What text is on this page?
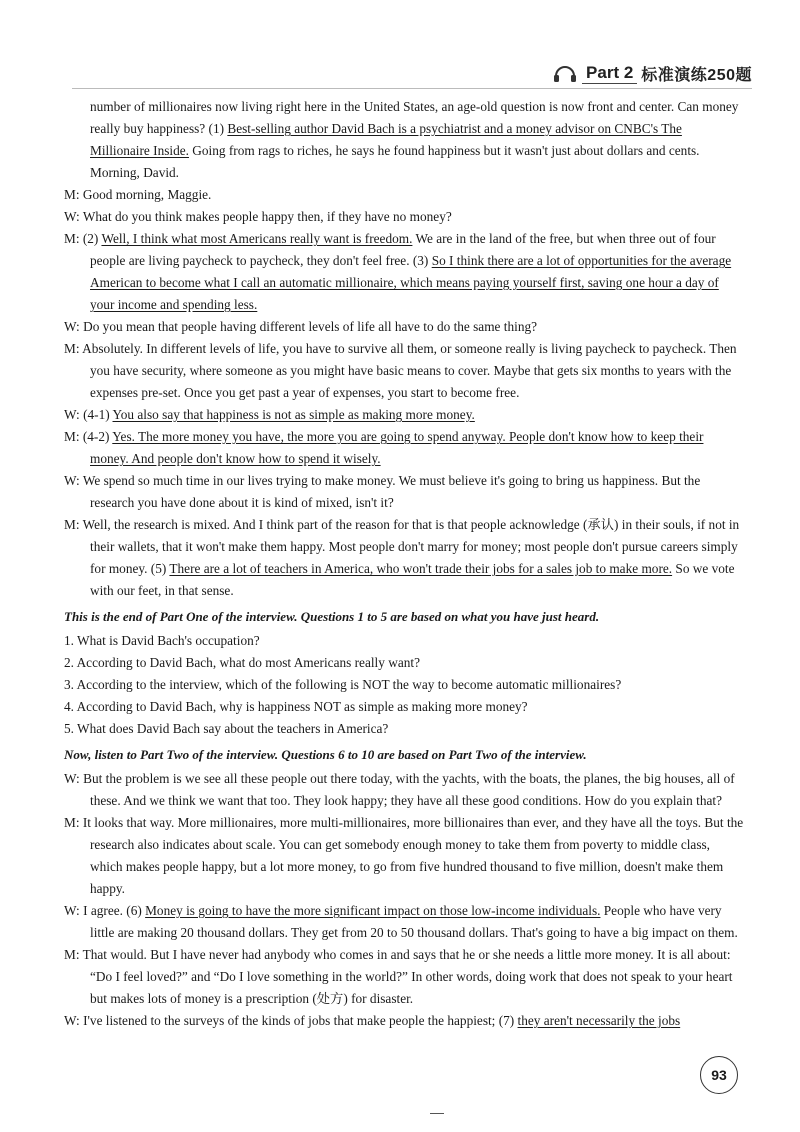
Part 2 标准演练250题
number of millionaires now living right here in the United States, an age-old question is now front and center. Can money really buy happiness? (1) Best-selling author David Bach is a psychiatrist and a money advisor on CNBC's The Millionaire Inside. Going from rags to riches, he says he found happiness but it wasn't just about dollars and cents. Morning, David.
M: Good morning, Maggie.
W: What do you think makes people happy then, if they have no money?
M: (2) Well, I think what most Americans really want is freedom. We are in the land of the free, but when three out of four people are living paycheck to paycheck, they don't feel free. (3) So I think there are a lot of opportunities for the average American to become what I call an automatic millionaire, which means paying yourself first, saving one hour a day of your income and spending less.
W: Do you mean that people having different levels of life all have to do the same thing?
M: Absolutely. In different levels of life, you have to survive all them, or someone really is living paycheck to paycheck. Then you have security, where someone as you might have basic means to cover. Maybe that gets six months to years with the expenses pre-set. Once you get past a year of expenses, you start to become free.
W: (4-1) You also say that happiness is not as simple as making more money.
M: (4-2) Yes. The more money you have, the more you are going to spend anyway. People don't know how to keep their money. And people don't know how to spend it wisely.
W: We spend so much time in our lives trying to make money. We must believe it's going to bring us happiness. But the research you have done about it is kind of mixed, isn't it?
M: Well, the research is mixed. And I think part of the reason for that is that people acknowledge (承认) in their souls, if not in their wallets, that it won't make them happy. Most people don't marry for money; most people don't pursue careers simply for money. (5) There are a lot of teachers in America, who won't trade their jobs for a sales job to make more. So we vote with our feet, in that sense.
This is the end of Part One of the interview. Questions 1 to 5 are based on what you have just heard.
1. What is David Bach's occupation?
2. According to David Bach, what do most Americans really want?
3. According to the interview, which of the following is NOT the way to become automatic millionaires?
4. According to David Bach, why is happiness NOT as simple as making more money?
5. What does David Bach say about the teachers in America?
Now, listen to Part Two of the interview. Questions 6 to 10 are based on Part Two of the interview.
W: But the problem is we see all these people out there today, with the yachts, with the boats, the planes, the big houses, all of these. And we think we want that too. They look happy; they have all these good conditions. How do you explain that?
M: It looks that way. More millionaires, more multi-millionaires, more billionaires than ever, and they have all the toys. But the research also indicates about scale. You can get somebody enough money to take them from poverty to middle class, which makes people happy, but a lot more money, to go from five hundred thousand to five million, doesn't make them happy.
W: I agree. (6) Money is going to have the more significant impact on those low-income individuals. People who have very little are making 20 thousand dollars. They get from 20 to 50 thousand dollars. That's going to have a big impact on them.
M: That would. But I have never had anybody who comes in and says that he or she needs a little more money. It is all about: “Do I feel loved?” and “Do I love something in the world?” In other words, doing work that does not speak to your heart but makes lots of money is a prescription (处方) for disaster.
W: I've listened to the surveys of the kinds of jobs that make people the happiest; (7) they aren't necessarily the jobs
93
